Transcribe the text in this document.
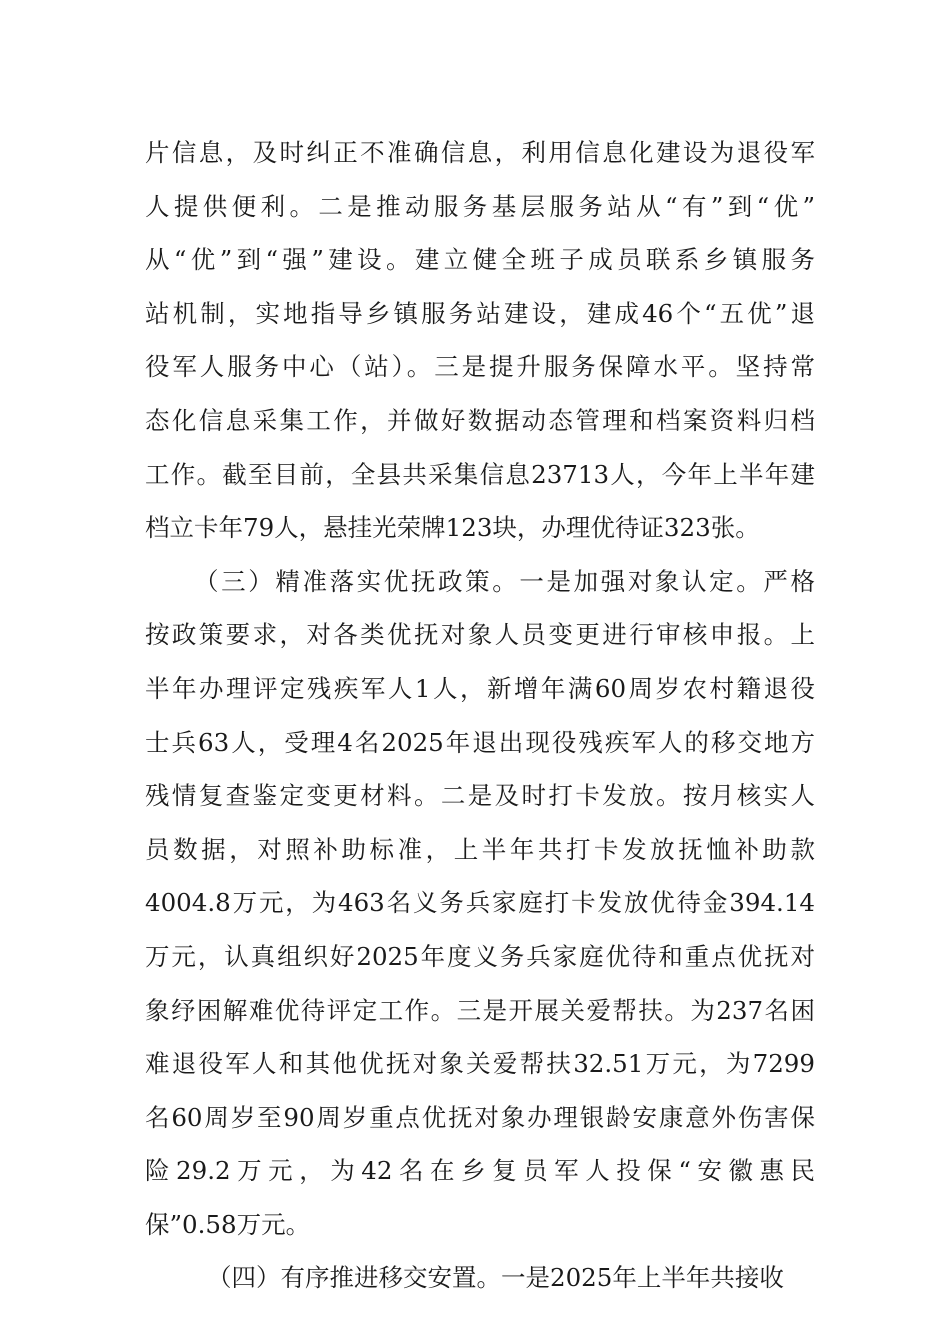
片信息，及时纠正不准确信息，利用信息化建设为退役军
人提供便利。二是推动服务基层服务站从“有”到“优”
从“优”到“强”建设。建立健全班子成员联系乡镇服务
站机制，实地指导乡镇服务站建设，建成46个“五优”退
役军人服务中心（站）。三是提升服务保障水平。坚持常
态化信息采集工作，并做好数据动态管理和档案资料归档
工作。截至目前，全县共采集信息23713人，今年上半年建
档立卡年79人，悬挂光荣牌123块，办理优待证323张。
（三）精准落实优抚政策。一是加强对象认定。严格
按政策要求，对各类优抚对象人员变更进行审核申报。上
半年办理评定残疾军人1人，新增年满60周岁农村籍退役
士兵63人，受理4名2025年退出现役残疾军人的移交地方
残情复查鉴定变更材料。二是及时打卡发放。按月核实人
员数据，对照补助标准，上半年共打卡发放抚恤补助款
4004.8万元，为463名义务兵家庭打卡发放优待金394.14
万元，认真组织好2025年度义务兵家庭优待和重点优抚对
象纾困解难优待评定工作。三是开展关爱帮扶。为237名困
难退役军人和其他优抚对象关爱帮扶32.51万元，为7299
名60周岁至90周岁重点优抚对象办理银龄安康意外伤害保
险29.2万元，为42名在乡复员军人投保“安徽惠民
保”0.58万元。
（四）有序推进移交安置。一是2025年上半年共接收
